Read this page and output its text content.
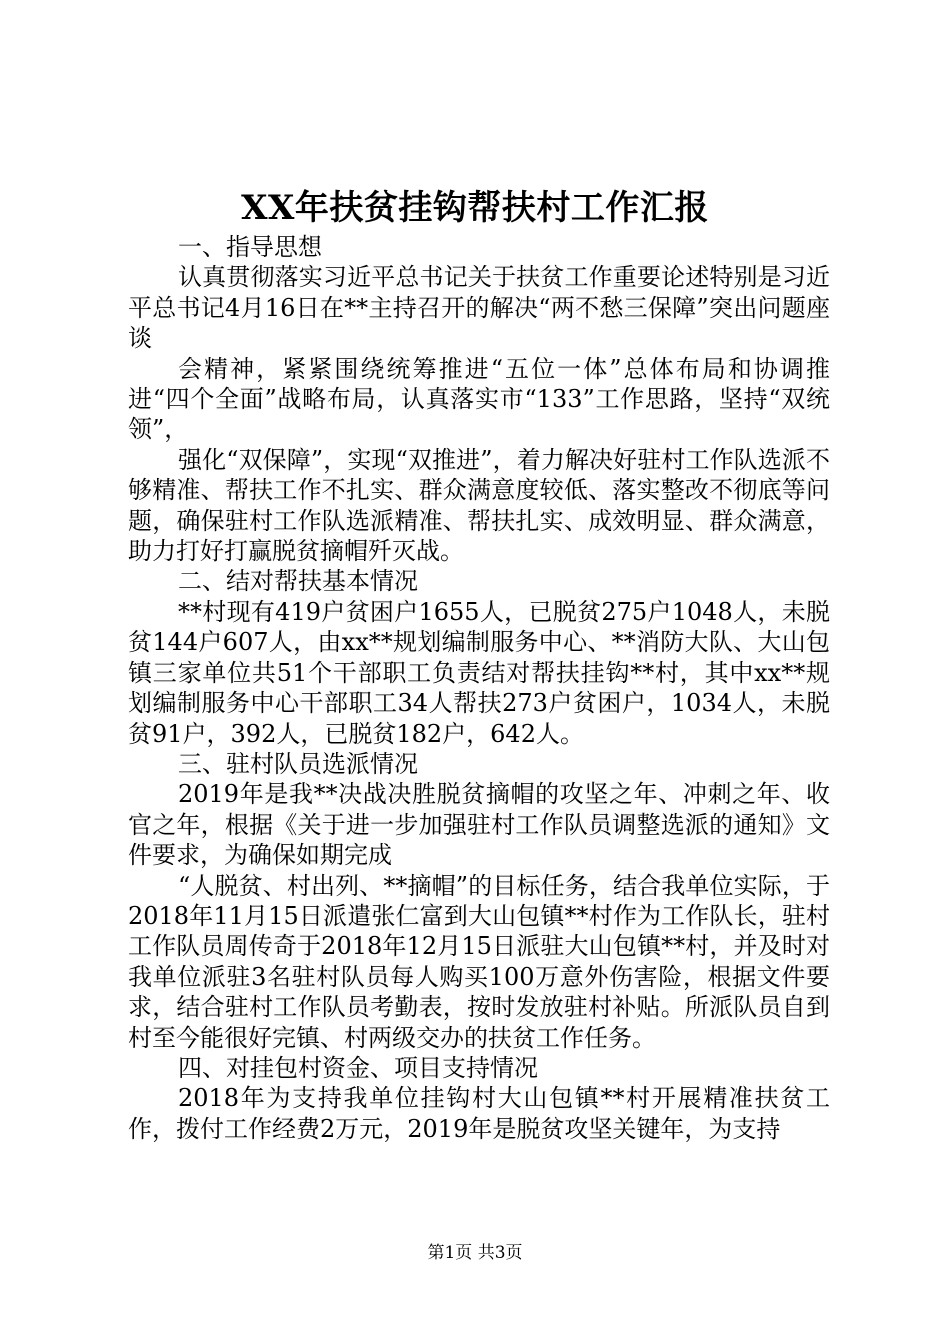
XX年扶贫挂钩帮扶村工作汇报

一、指导思想

认真贯彻落实习近平总书记关于扶贫工作重要论述特别是习近平总书记4月16日在**主持召开的解决“两不愁三保障”突出问题座谈

会精神，紧紧围绕统筹推进“五位一体”总体布局和协调推进“四个全面”战略布局，认真落实市“133”工作思路，坚持“双统领”，

强化“双保障”，实现“双推进”，着力解决好驻村工作队选派不够精准、帮扶工作不扎实、群众满意度较低、落实整改不彻底等问题，确保驻村工作队选派精准、帮扶扎实、成效明显、群众满意，助力打好打赢脱贫摘帽歼灭战。

二、结对帮扶基本情况

**村现有419户贫困户1655人，已脱贫275户1048人，未脱贫144户607人，由xx**规划编制服务中心、**消防大队、大山包镇三家单位共51个干部职工负责结对帮扶挂钩**村，其中xx**规划编制服务中心干部职工34人帮扶273户贫困户，1034人，未脱贫91户，392人，已脱贫182户，642人。

三、驻村队员选派情况

2019年是我**决战决胜脱贫摘帽的攻坚之年、冲刺之年、收官之年，根据《关于进一步加强驻村工作队员调整选派的通知》文件要求，为确保如期完成

“人脱贫、村出列、**摘帽”的目标任务，结合我单位实际，于2018年11月15日派遣张仁富到大山包镇**村作为工作队长，驻村工作队员周传奇于2018年12月15日派驻大山包镇**村，并及时对我单位派驻3名驻村队员每人购买100万意外伤害险，根据文件要求，结合驻村工作队员考勤表，按时发放驻村补贴。所派队员自到村至今能很好完镇、村两级交办的扶贫工作任务。

四、对挂包村资金、项目支持情况

2018年为支持我单位挂钩村大山包镇**村开展精准扶贫工作，拨付工作经费2万元，2019年是脱贫攻坚关键年，为支持

第1页 共3页
